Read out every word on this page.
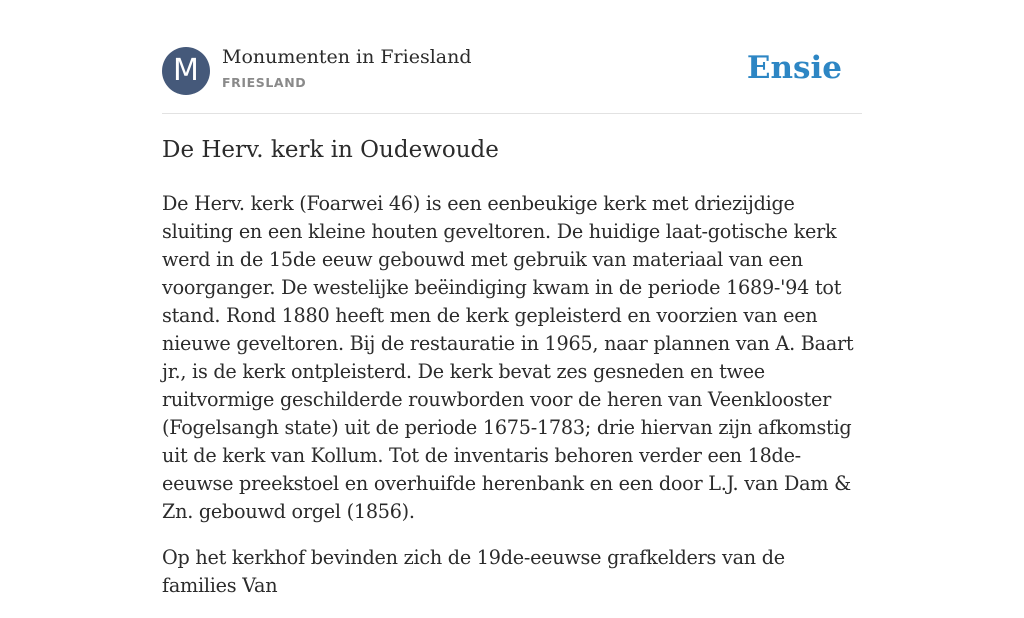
M	Monumenten in Friesland
FRIESLAND	Ensie
De Herv. kerk in Oudewoude

De Herv. kerk (Foarwei 46) is een eenbeukige kerk met driezijdige sluiting en een kleine houten geveltoren. De huidige laat-gotische kerk werd in de 15de eeuw gebouwd met gebruik van materiaal van een voorganger. De westelijke beëindiging kwam in de periode 1689-'94 tot stand. Rond 1880 heeft men de kerk gepleisterd en voorzien van een nieuwe geveltoren. Bij de restauratie in 1965, naar plannen van A. Baart jr., is de kerk ontpleisterd. De kerk bevat zes gesneden en twee ruitvormige geschilderde rouwborden voor de heren van Veenklooster (Fogelsangh state) uit de periode 1675-1783; drie hiervan zijn afkomstig uit de kerk van Kollum. Tot de inventaris behoren verder een 18de-eeuwse preekstoel en overhuifde herenbank en een door L.J. van Dam & Zn. gebouwd orgel (1856).

Op het kerkhof bevinden zich de 19de-eeuwse grafkelders van de families Van
